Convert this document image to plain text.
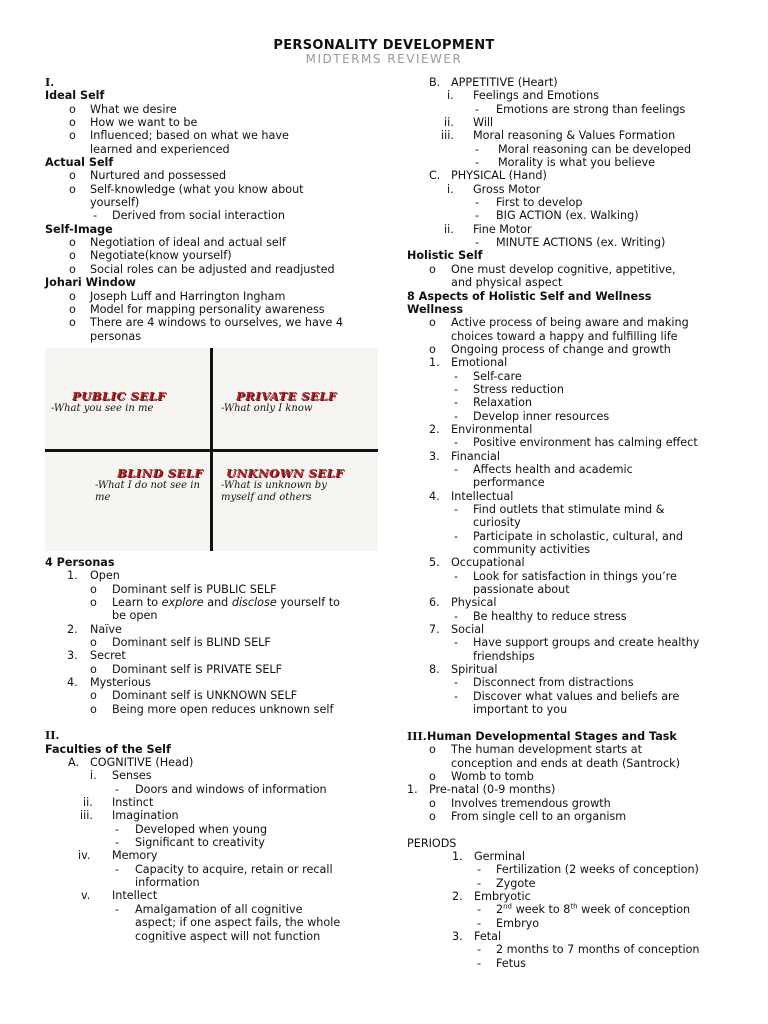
PERSONALITY DEVELOPMENT
MIDTERMS REVIEWER
I.
Ideal Self
o What we desire
o How we want to be
o Influenced; based on what we have
learned and experienced
Actual Self
o Nurtured and possessed
o Self-knowledge (what you know about
yourself)
- Derived from social interaction
Self-Image
o Negotiation of ideal and actual self
o Negotiate(know yourself)
o Social roles can be adjusted and readjusted
Johari Window
o Joseph Luff and Harrington Ingham
o Model for mapping personality awareness
o There are 4 windows to ourselves, we have 4
personas
PUBLIC SELF
-What you see in me
PRIVATE SELF
-What only I know
BLIND SELF
-What I do not see in
me
UNKNOWN SELF
-What is unknown by
myself and others
4 Personas
1. Open
o Dominant self is PUBLIC SELF
o Learn to explore and disclose yourself to
be open
2. Naïve
o Dominant self is BLIND SELF
3. Secret
o Dominant self is PRIVATE SELF
4. Mysterious
o Dominant self is UNKNOWN SELF
o Being more open reduces unknown self
II.
Faculties of the Self
A. COGNITIVE (Head)
i. Senses
- Doors and windows of information
ii. Instinct
iii. Imagination
- Developed when young
- Significant to creativity
iv. Memory
- Capacity to acquire, retain or recall
information
v. Intellect
- Amalgamation of all cognitive
aspect; if one aspect fails, the whole
cognitive aspect will not function
B. APPETITIVE (Heart)
i. Feelings and Emotions
- Emotions are strong than feelings
ii. Will
iii. Moral reasoning & Values Formation
- Moral reasoning can be developed
- Morality is what you believe
C. PHYSICAL (Hand)
i. Gross Motor
- First to develop
- BIG ACTION (ex. Walking)
ii. Fine Motor
- MINUTE ACTIONS (ex. Writing)
Holistic Self
o One must develop cognitive, appetitive,
and physical aspect
8 Aspects of Holistic Self and Wellness
Wellness
o Active process of being aware and making
choices toward a happy and fulfilling life
o Ongoing process of change and growth
1. Emotional
- Self-care
- Stress reduction
- Relaxation
- Develop inner resources
2. Environmental
- Positive environment has calming effect
3. Financial
- Affects health and academic
performance
4. Intellectual
- Find outlets that stimulate mind &
curiosity
- Participate in scholastic, cultural, and
community activities
5. Occupational
- Look for satisfaction in things you’re
passionate about
6. Physical
- Be healthy to reduce stress
7. Social
- Have support groups and create healthy
friendships
8. Spiritual
- Disconnect from distractions
- Discover what values and beliefs are
important to you
III. Human Developmental Stages and Task
o The human development starts at
conception and ends at death (Santrock)
o Womb to tomb
1. Pre-natal (0-9 months)
o Involves tremendous growth
o From single cell to an organism
PERIODS
1. Germinal
- Fertilization (2 weeks of conception)
- Zygote
2. Embryotic
- 2nd week to 8th week of conception
- Embryo
3. Fetal
- 2 months to 7 months of conception
- Fetus
